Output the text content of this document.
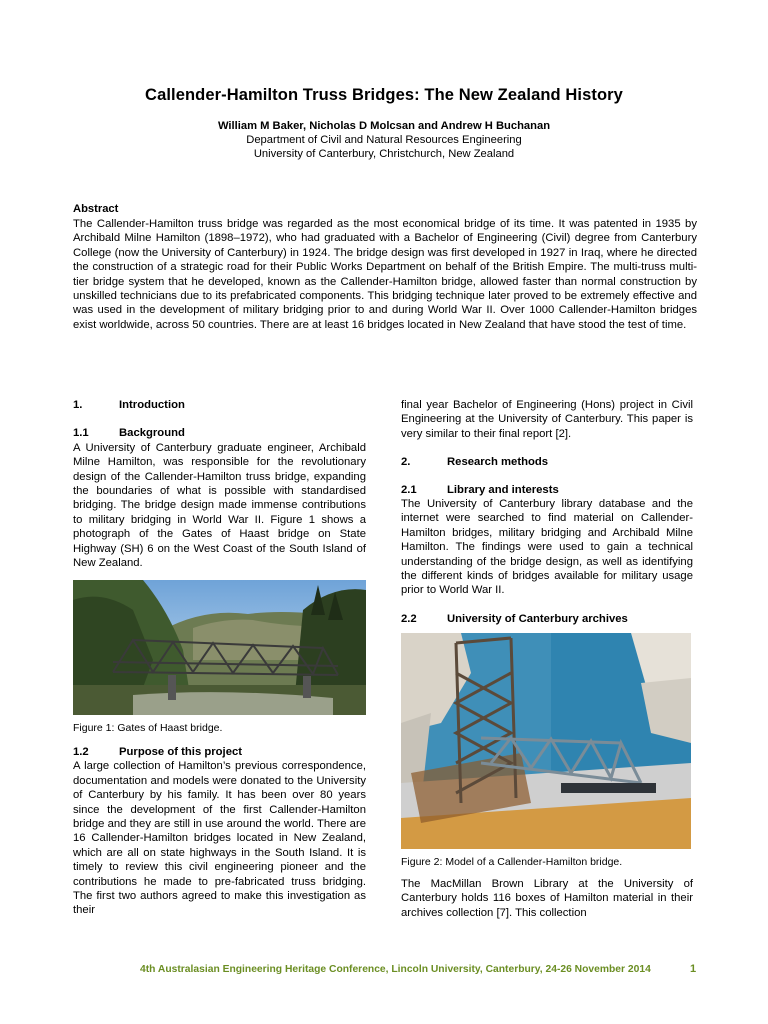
Callender-Hamilton Truss Bridges: The New Zealand History
William M Baker, Nicholas D Molcsan and Andrew H Buchanan
Department of Civil and Natural Resources Engineering
University of Canterbury, Christchurch, New Zealand
Abstract

The Callender-Hamilton truss bridge was regarded as the most economical bridge of its time. It was patented in 1935 by Archibald Milne Hamilton (1898–1972), who had graduated with a Bachelor of Engineering (Civil) degree from Canterbury College (now the University of Canterbury) in 1924. The bridge design was first developed in 1927 in Iraq, where he directed the construction of a strategic road for their Public Works Department on behalf of the British Empire. The multi-truss multi-tier bridge system that he developed, known as the Callender-Hamilton bridge, allowed faster than normal construction by unskilled technicians due to its prefabricated components. This bridging technique later proved to be extremely effective and was used in the development of military bridging prior to and during World War II. Over 1000 Callender-Hamilton bridges exist worldwide, across 50 countries. There are at least 16 bridges located in New Zealand that have stood the test of time.

1.	Introduction
1.1	Background

A University of Canterbury graduate engineer, Archibald Milne Hamilton, was responsible for the revolutionary design of the Callender-Hamilton truss bridge, expanding the boundaries of what is possible with standardised bridging. The bridge design made immense contributions to military bridging in World War II. Figure 1 shows a photograph of the Gates of Haast bridge on State Highway (SH) 6 on the West Coast of the South Island of New Zealand.

Figure 1: Gates of Haast bridge.

1.2	Purpose of this project

A large collection of Hamilton’s previous correspondence, documentation and models were donated to the University of Canterbury by his family. It has been over 80 years since the development of the first Callender-Hamilton bridge and they are still in use around the world. There are 16 Callender-Hamilton bridges located in New Zealand, which are all on state highways in the South Island. It is timely to review this civil engineering pioneer and the contributions he made to pre-fabricated truss bridging. The first two authors agreed to make this investigation as their

final year Bachelor of Engineering (Hons) project in Civil Engineering at the University of Canterbury. This paper is very similar to their final report [2].

2.	Research methods
2.1	Library and interests

The University of Canterbury library database and the internet were searched to find material on Callender-Hamilton bridges, military bridging and Archibald Milne Hamilton. The findings were used to gain a technical understanding of the bridge design, as well as identifying the different kinds of bridges available for military usage prior to World War II.

2.2	University of Canterbury archives

Figure 2: Model of a Callender-Hamilton bridge.

The MacMillan Brown Library at the University of Canterbury holds 116 boxes of Hamilton material in their archives collection [7]. This collection

4th Australasian Engineering Heritage Conference, Lincoln University, Canterbury, 24-26 November 2014	1
